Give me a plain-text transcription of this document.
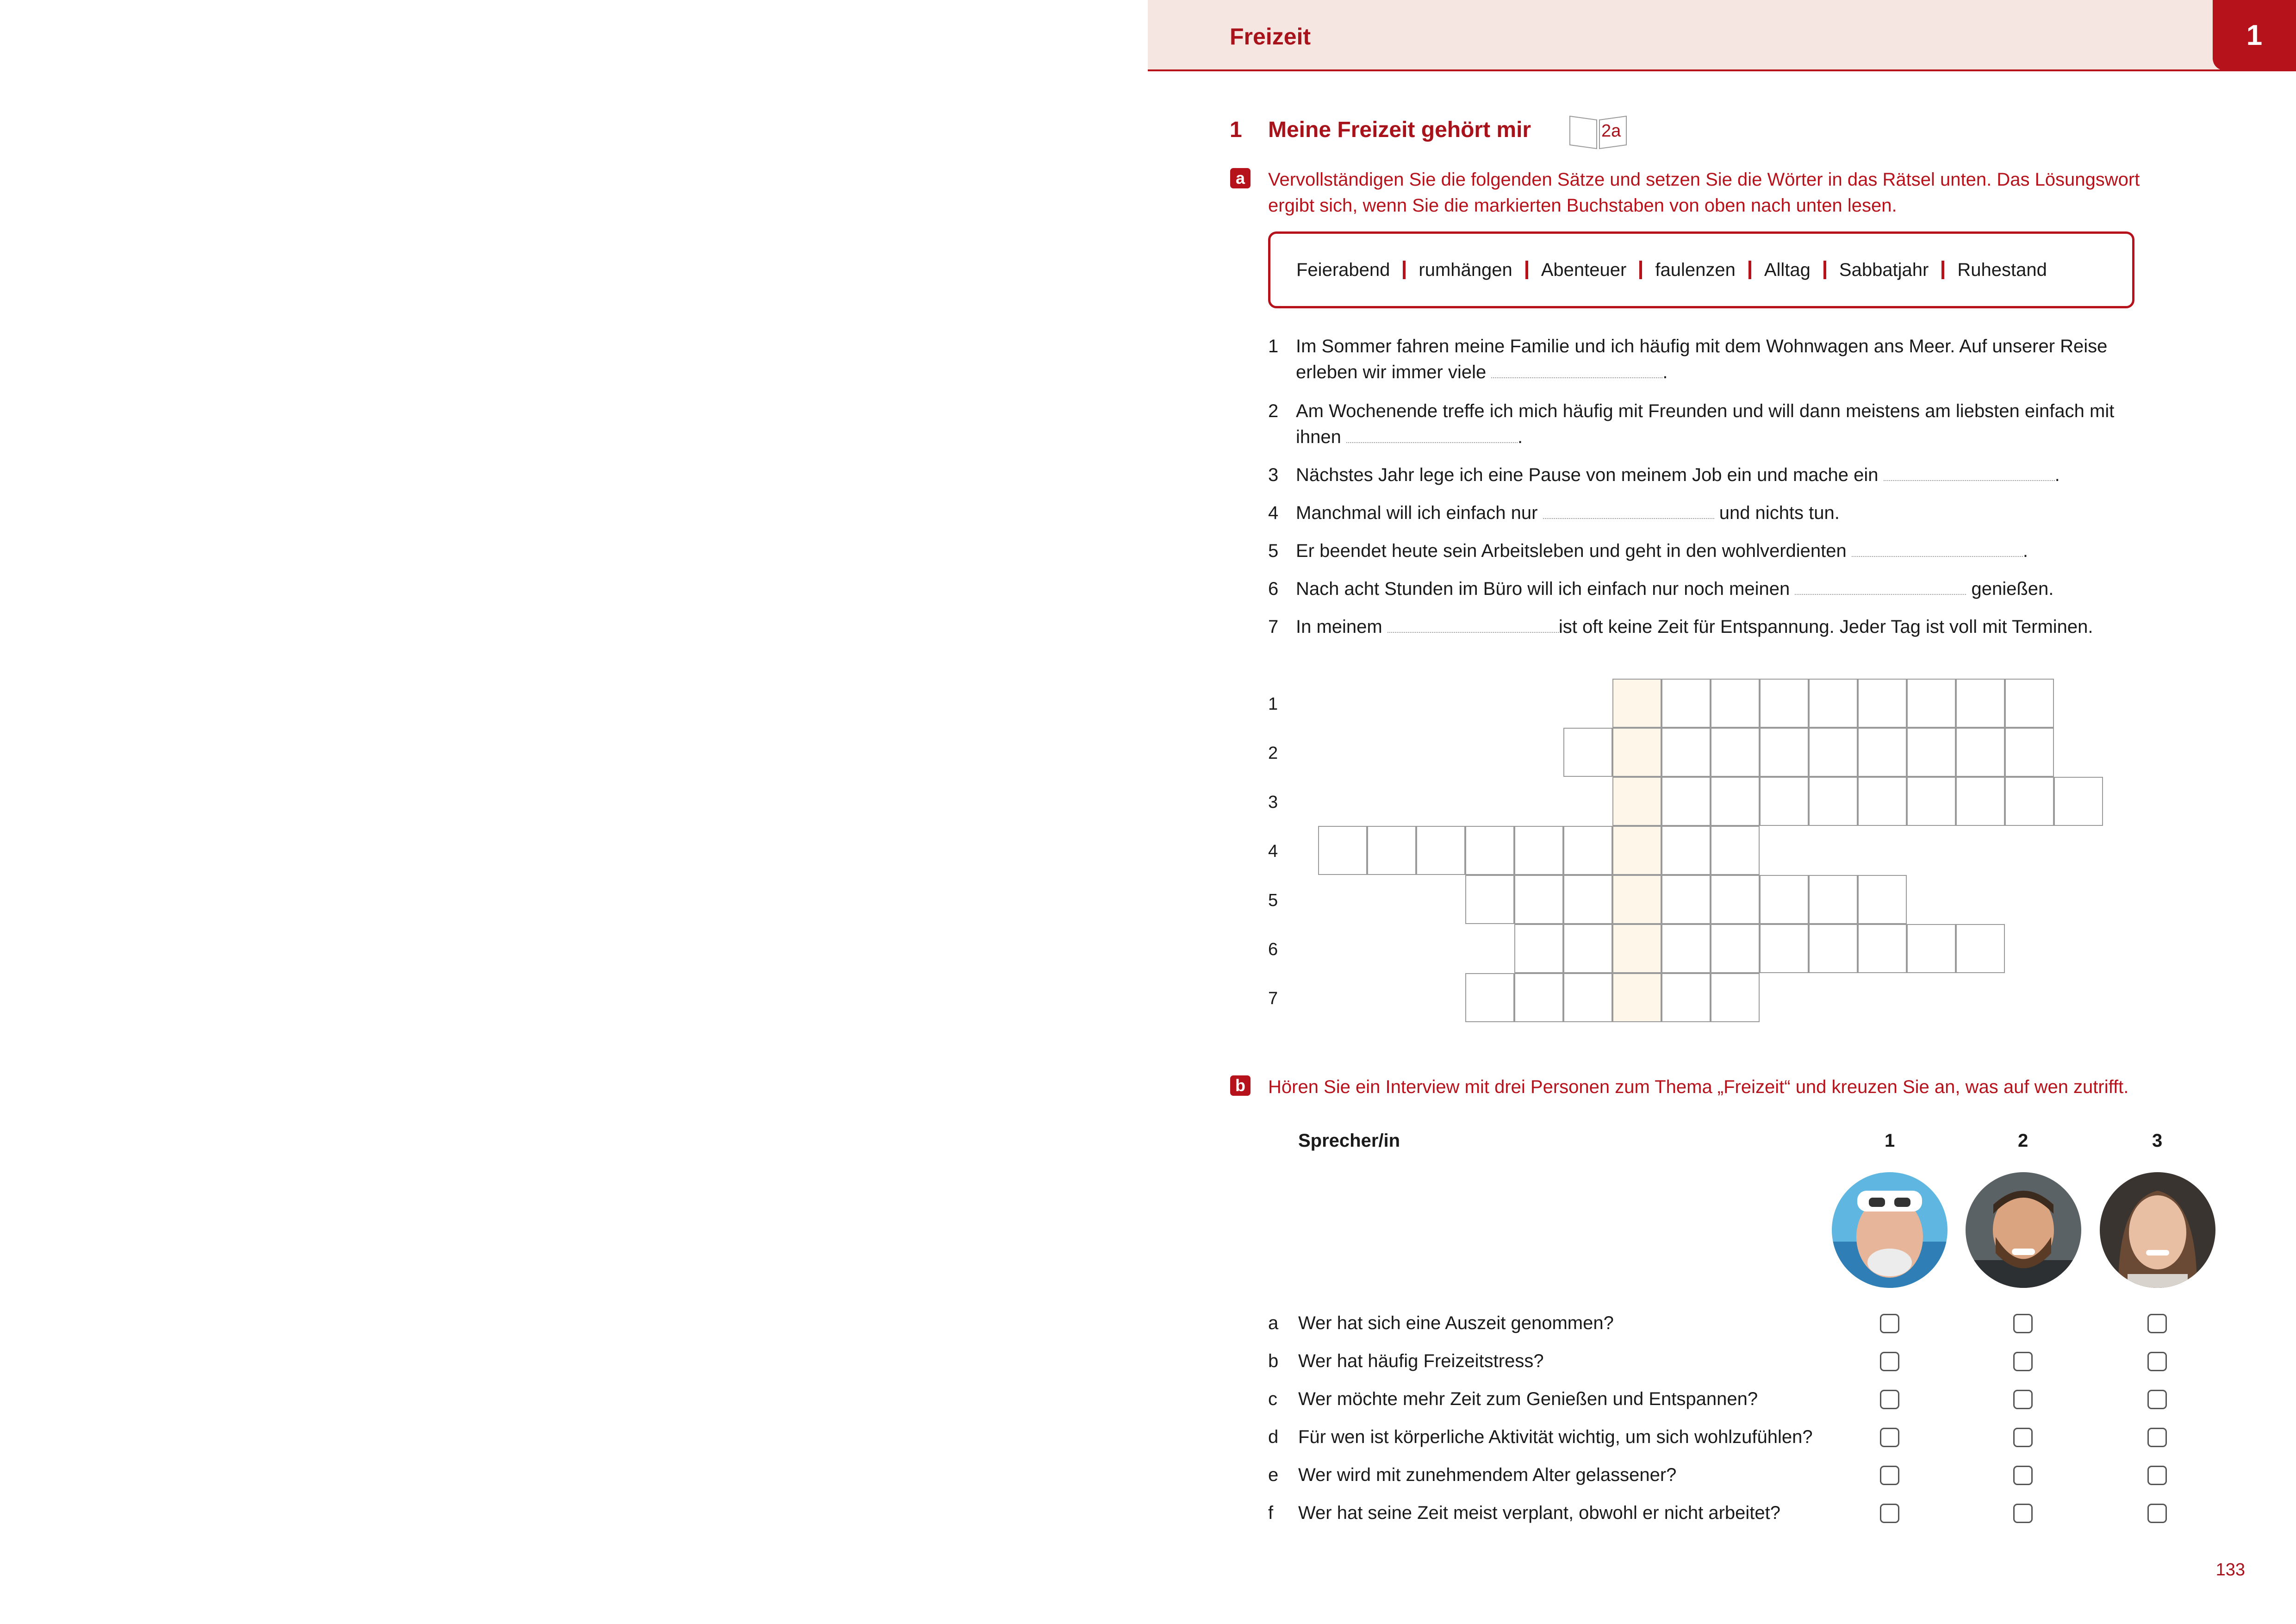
Freizeit	1
1 Meine Freizeit gehört mir	2a
a Vervollständigen Sie die folgenden Sätze und setzen Sie die Wörter in das Rätsel unten. Das Lösungswort
ergibt sich, wenn Sie die markierten Buchstaben von oben nach unten lesen.
Feierabend rumhängen Abenteuer faulenzen Alltag Sabbatjahr Ruhestand
1 Im Sommer fahren meine Familie und ich häufig mit dem Wohnwagen ans Meer. Auf unserer Reise erleben wir immer viele	.
2 Am Wochenende treffe ich mich häufig mit Freunden und will dann meistens am liebsten einfach mit ihnen	.
3 Nächstes Jahr lege ich eine Pause von meinem Job ein und mache ein	.
4 Manchmal will ich einfach nur	und nichts tun.
5 Er beendet heute sein Arbeitsleben und geht in den wohlverdienten	.
6 Nach acht Stunden im Büro will ich einfach nur noch meinen	genießen.
7 In meinem	ist oft keine Zeit für Entspannung. Jeder Tag ist voll mit Terminen.
1
2
3
4
5
6
7
b Hören Sie ein Interview mit drei Personen zum Thema „Freizeit“ und kreuzen Sie an, was auf wen zutrifft.
Sprecher/in	1	2	3
a Wer hat sich eine Auszeit genommen?
b Wer hat häufig Freizeitstress?
c Wer möchte mehr Zeit zum Genießen und Entspannen?
d Für wen ist körperliche Aktivität wichtig, um sich wohlzufühlen?
e Wer wird mit zunehmendem Alter gelassener?
f Wer hat seine Zeit meist verplant, obwohl er nicht arbeitet?
133
